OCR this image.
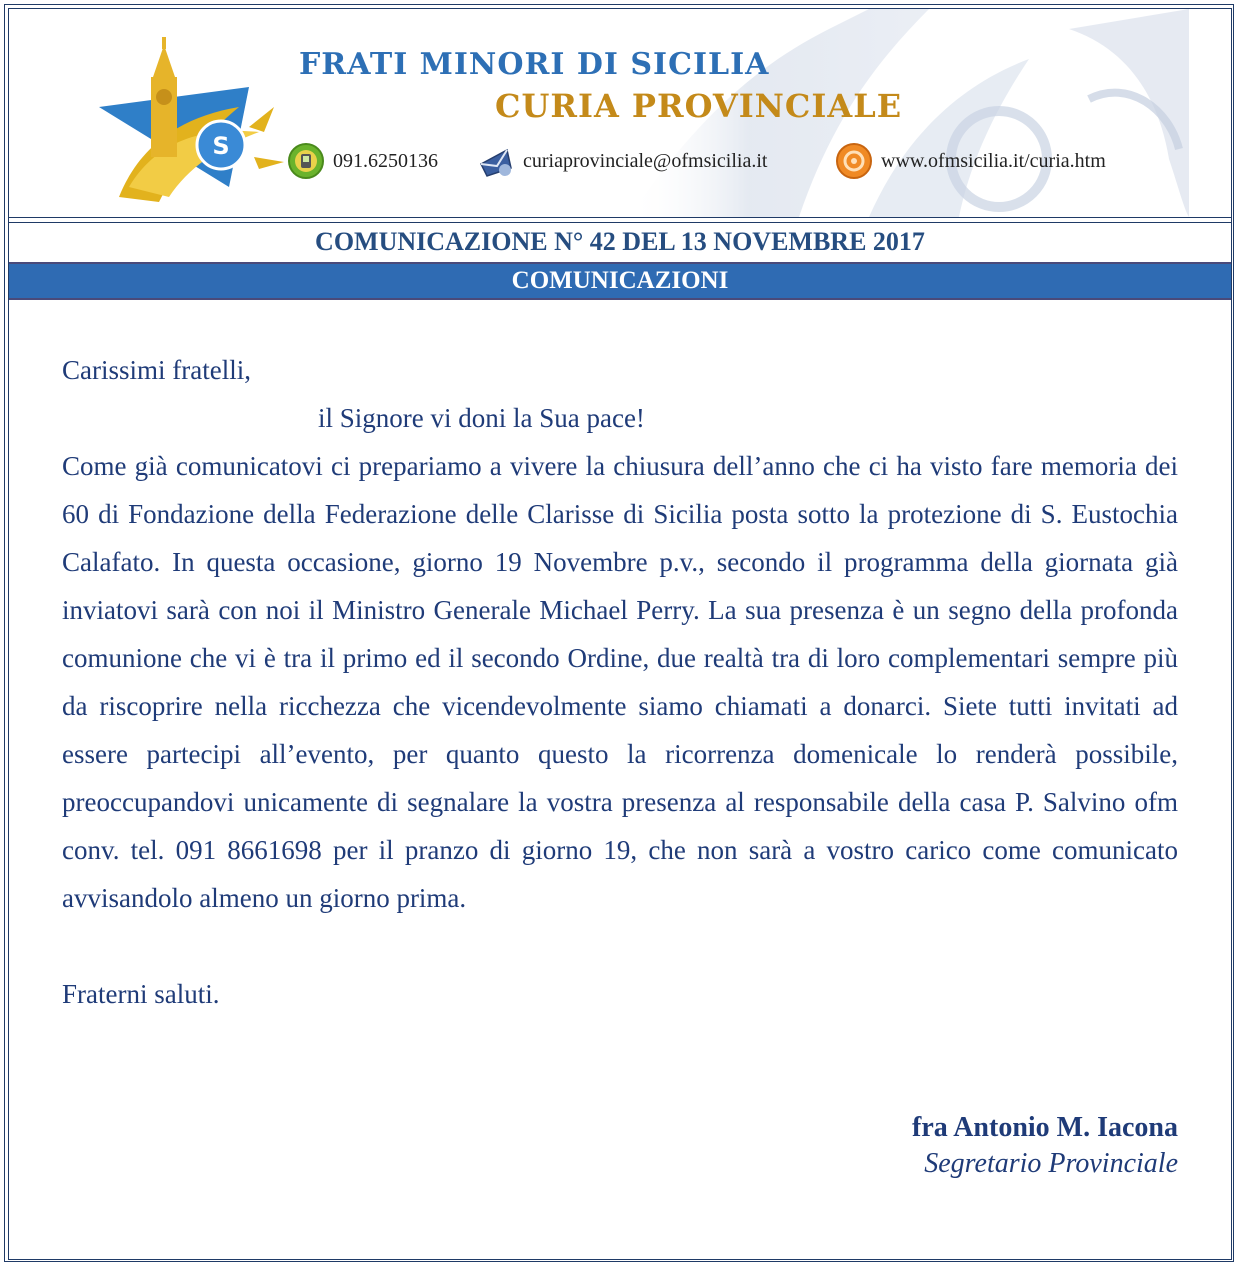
S
FRATI MINORI DI SICILIA
CURIA PROVINCIALE
091.6250136	curiaprovinciale@ofmsicilia.it	www.ofmsicilia.it/curia.htm
COMUNICAZIONE N° 42 DEL 13 NOVEMBRE 2017
COMUNICAZIONI

Carissimi fratelli,

il Signore vi doni la Sua pace!

Come già comunicatovi ci prepariamo a vivere la chiusura dell’anno che ci ha visto fare memoria dei 60 di Fondazione della Federazione delle Clarisse di Sicilia posta sotto la protezione di S. Eustochia Calafato. In questa occasione, giorno 19 Novembre p.v., secondo il programma della giornata già inviatovi sarà con noi il Ministro Generale Michael Perry. La sua presenza è un segno della profonda comunione che vi è tra il primo ed il secondo Ordine, due realtà tra di loro complementari sempre più da riscoprire nella ricchezza che vicendevolmente siamo chiamati a donarci. Siete tutti invitati ad essere partecipi all’evento, per quanto questo la ricorrenza domenicale lo renderà possibile, preoccupandovi unicamente di segnalare la vostra presenza al responsabile della casa P. Salvino ofm conv. tel. 091 8661698 per il pranzo di giorno 19, che non sarà a vostro carico come comunicato avvisandolo almeno un giorno prima.

Fraterni saluti.

fra Antonio M. Iacona
Segretario Provinciale
